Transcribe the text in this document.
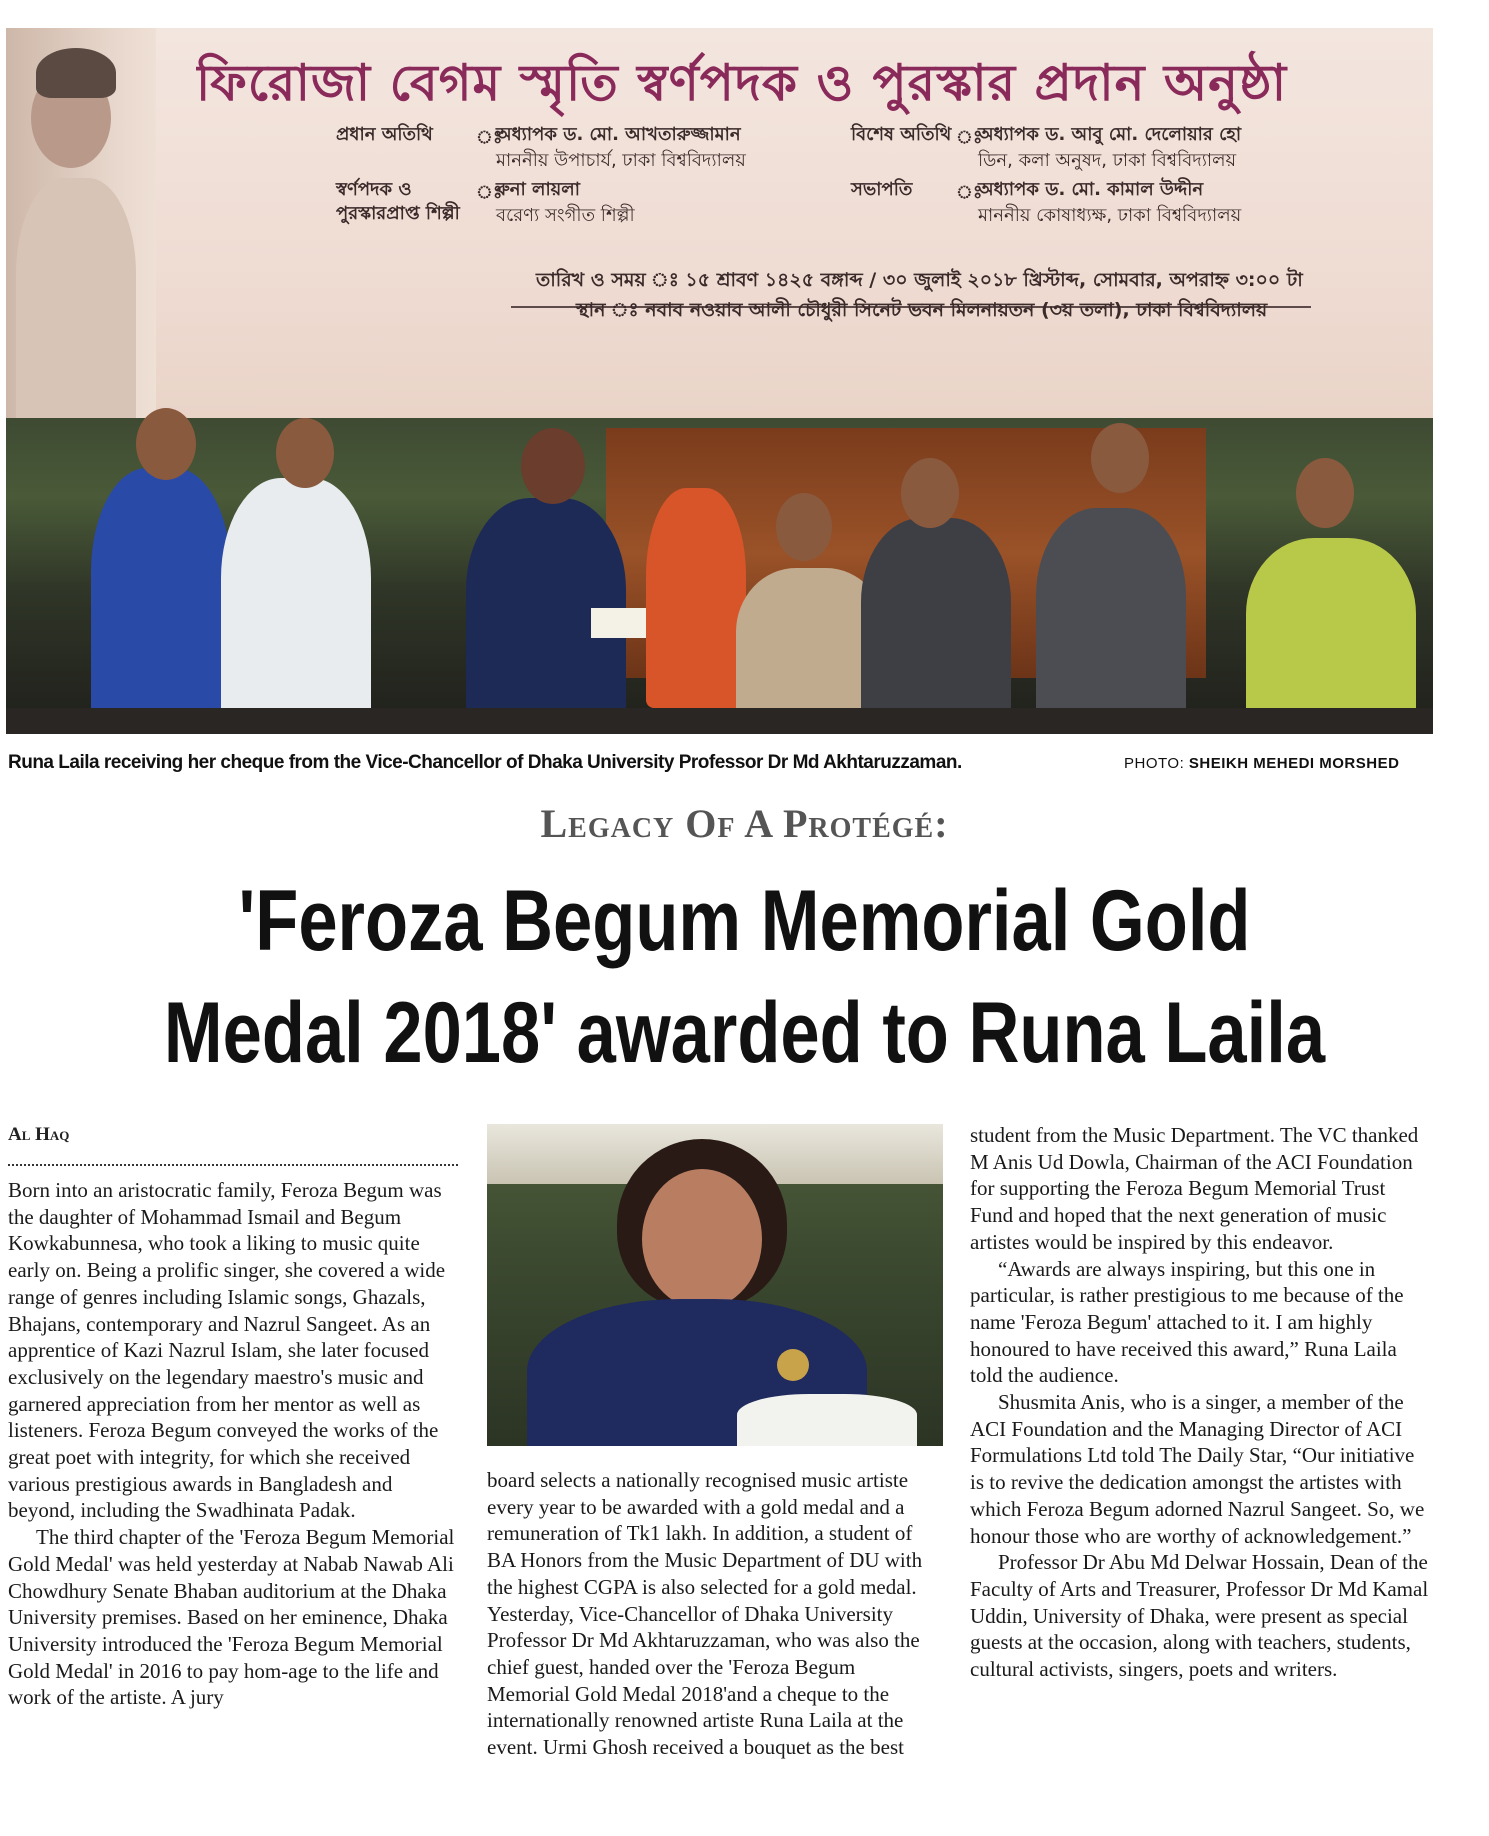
ফিরোজা বেগম স্মৃতি স্বর্ণপদক ও পুরস্কার প্রদান অনুষ্ঠা
প্রধান অতিথি ঃ
অধ্যাপক ড. মো. আখতারুজ্জামান
মাননীয় উপাচার্য, ঢাকা বিশ্ববিদ্যালয়
বিশেষ অতিথি ঃ
অধ্যাপক ড. আবু মো. দেলোয়ার হো
ডিন, কলা অনুষদ, ঢাকা বিশ্ববিদ্যালয়
স্বর্ণপদক ও
পুরস্কারপ্রাপ্ত শিল্পী
ঃ
রুনা লায়লা
বরেণ্য সংগীত শিল্পী
সভাপতি ঃ
অধ্যাপক ড. মো. কামাল উদ্দীন
মাননীয় কোষাধ্যক্ষ, ঢাকা বিশ্ববিদ্যালয়
তারিখ ও সময় ঃ ১৫ শ্রাবণ ১৪২৫ বঙ্গাব্দ / ৩০ জুলাই ২০১৮ খ্রিস্টাব্দ, সোমবার, অপরাহ্ন ৩:০০ টা
স্থান ঃ নবাব নওয়াব আলী চৌধুরী সিনেট ভবন মিলনায়তন (৩য় তলা), ঢাকা বিশ্ববিদ্যালয়
Runa Laila receiving her cheque from the Vice-Chancellor of Dhaka University Professor Dr Md Akhtaruzzaman.	PHOTO: SHEIKH MEHEDI MORSHED
Legacy Of A Protégé:
'Feroza Begum Memorial Gold
Medal 2018' awarded to Runa Laila
Al Haq

Born into an aristocratic family, Feroza Begum was the daughter of Mohammad Ismail and Begum Kowkabunnesa, who took a liking to music quite early on. Being a prolific singer, she covered a wide range of genres including Islamic songs, Ghazals, Bhajans, contemporary and Nazrul Sangeet. As an apprentice of Kazi Nazrul Islam, she later focused exclusively on the legendary maestro's music and garnered appreciation from her mentor as well as listeners. Feroza Begum conveyed the works of the great poet with integrity, for which she received various prestigious awards in Bangladesh and beyond, including the Swadhinata Padak.

The third chapter of the 'Feroza Begum Memorial Gold Medal' was held yesterday at Nabab Nawab Ali Chowdhury Senate Bhaban auditorium at the Dhaka University premises. Based on her eminence, Dhaka University introduced the 'Feroza Begum Memorial Gold Medal' in 2016 to pay hom-age to the life and work of the artiste. A jury

board selects a nationally recognised music artiste every year to be awarded with a gold medal and a remuneration of Tk1 lakh. In addition, a student of BA Honors from the Music Department of DU with the highest CGPA is also selected for a gold medal. Yesterday, Vice-Chancellor of Dhaka University Professor Dr Md Akhtaruzzaman, who was also the chief guest, handed over the 'Feroza Begum Memorial Gold Medal 2018'and a cheque to the internationally renowned artiste Runa Laila at the event. Urmi Ghosh received a bouquet as the best

student from the Music Department. The VC thanked M Anis Ud Dowla, Chairman of the ACI Foundation for supporting the Feroza Begum Memorial Trust Fund and hoped that the next generation of music artistes would be inspired by this endeavor.

“Awards are always inspiring, but this one in particular, is rather prestigious to me because of the name 'Feroza Begum' attached to it. I am highly honoured to have received this award,” Runa Laila told the audience.

Shusmita Anis, who is a singer, a member of the ACI Foundation and the Managing Director of ACI Formulations Ltd told The Daily Star, “Our initiative is to revive the dedication amongst the artistes with which Feroza Begum adorned Nazrul Sangeet. So, we honour those who are worthy of acknowledgement.”

Professor Dr Abu Md Delwar Hossain, Dean of the Faculty of Arts and Treasurer, Professor Dr Md Kamal Uddin, University of Dhaka, were present as special guests at the occasion, along with teachers, students, cultural activists, singers, poets and writers.
